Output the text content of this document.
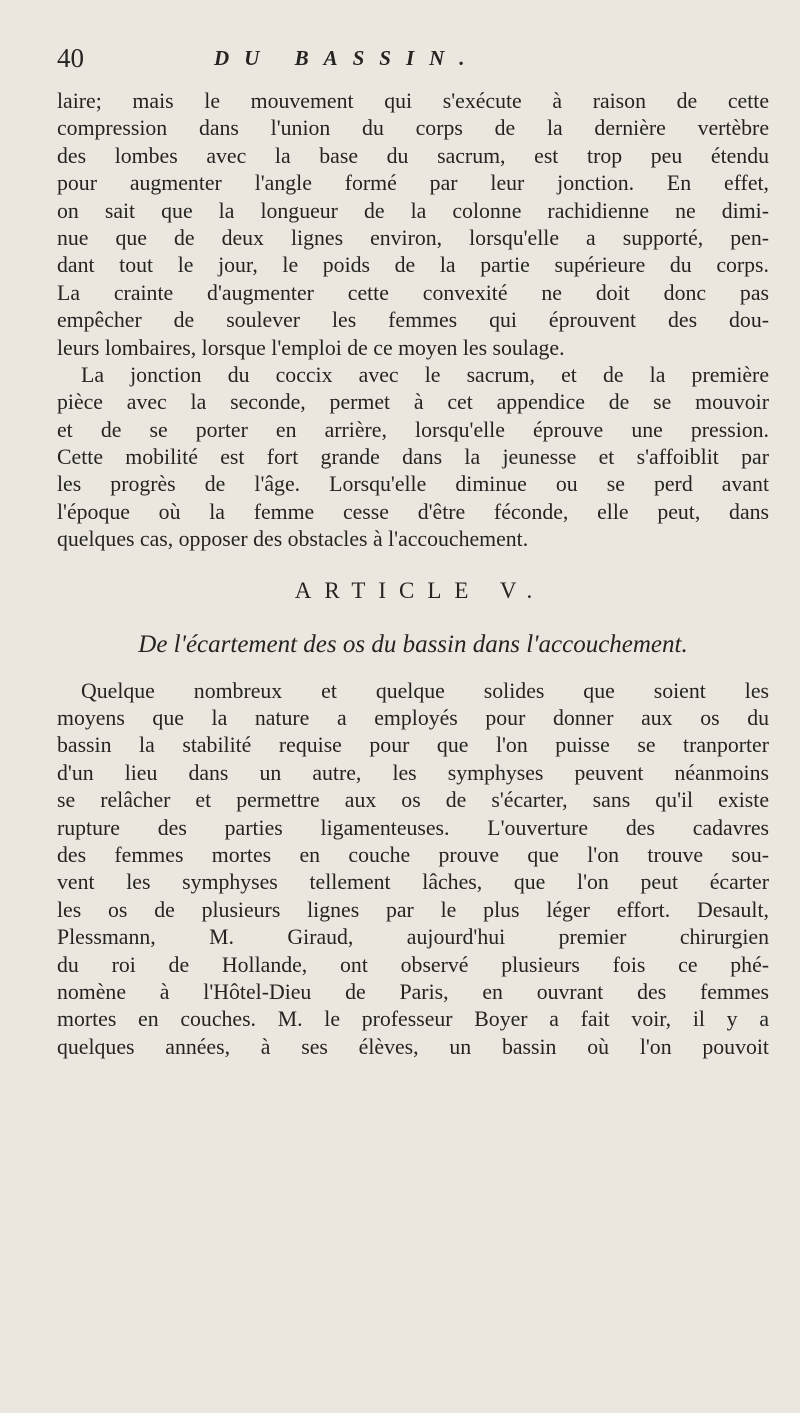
40	DU BASSIN.
laire; mais le mouvement qui s'exécute à raison de cette
compression dans l'union du corps de la dernière vertèbre
des lombes avec la base du sacrum, est trop peu étendu
pour augmenter l'angle formé par leur jonction. En effet,
on sait que la longueur de la colonne rachidienne ne dimi-
nue que de deux lignes environ, lorsqu'elle a supporté, pen-
dant tout le jour, le poids de la partie supérieure du corps.
La crainte d'augmenter cette convexité ne doit donc pas
empêcher de soulever les femmes qui éprouvent des dou-
leurs lombaires, lorsque l'emploi de ce moyen les soulage.
La jonction du coccix avec le sacrum, et de la première
pièce avec la seconde, permet à cet appendice de se mouvoir
et de se porter en arrière, lorsqu'elle éprouve une pression.
Cette mobilité est fort grande dans la jeunesse et s'affoiblit par
les progrès de l'âge. Lorsqu'elle diminue ou se perd avant
l'époque où la femme cesse d'être féconde, elle peut, dans
quelques cas, opposer des obstacles à l'accouchement.
ARTICLE V.
De l'écartement des os du bassin dans l'accouchement.
Quelque nombreux et quelque solides que soient les
moyens que la nature a employés pour donner aux os du
bassin la stabilité requise pour que l'on puisse se tranporter
d'un lieu dans un autre, les symphyses peuvent néanmoins
se relâcher et permettre aux os de s'écarter, sans qu'il existe
rupture des parties ligamenteuses. L'ouverture des cadavres
des femmes mortes en couche prouve que l'on trouve sou-
vent les symphyses tellement lâches, que l'on peut écarter
les os de plusieurs lignes par le plus léger effort. Desault,
Plessmann, M. Giraud, aujourd'hui premier chirurgien
du roi de Hollande, ont observé plusieurs fois ce phé-
nomène à l'Hôtel-Dieu de Paris, en ouvrant des femmes
mortes en couches. M. le professeur Boyer a fait voir, il y a
quelques années, à ses élèves, un bassin où l'on pouvoit
